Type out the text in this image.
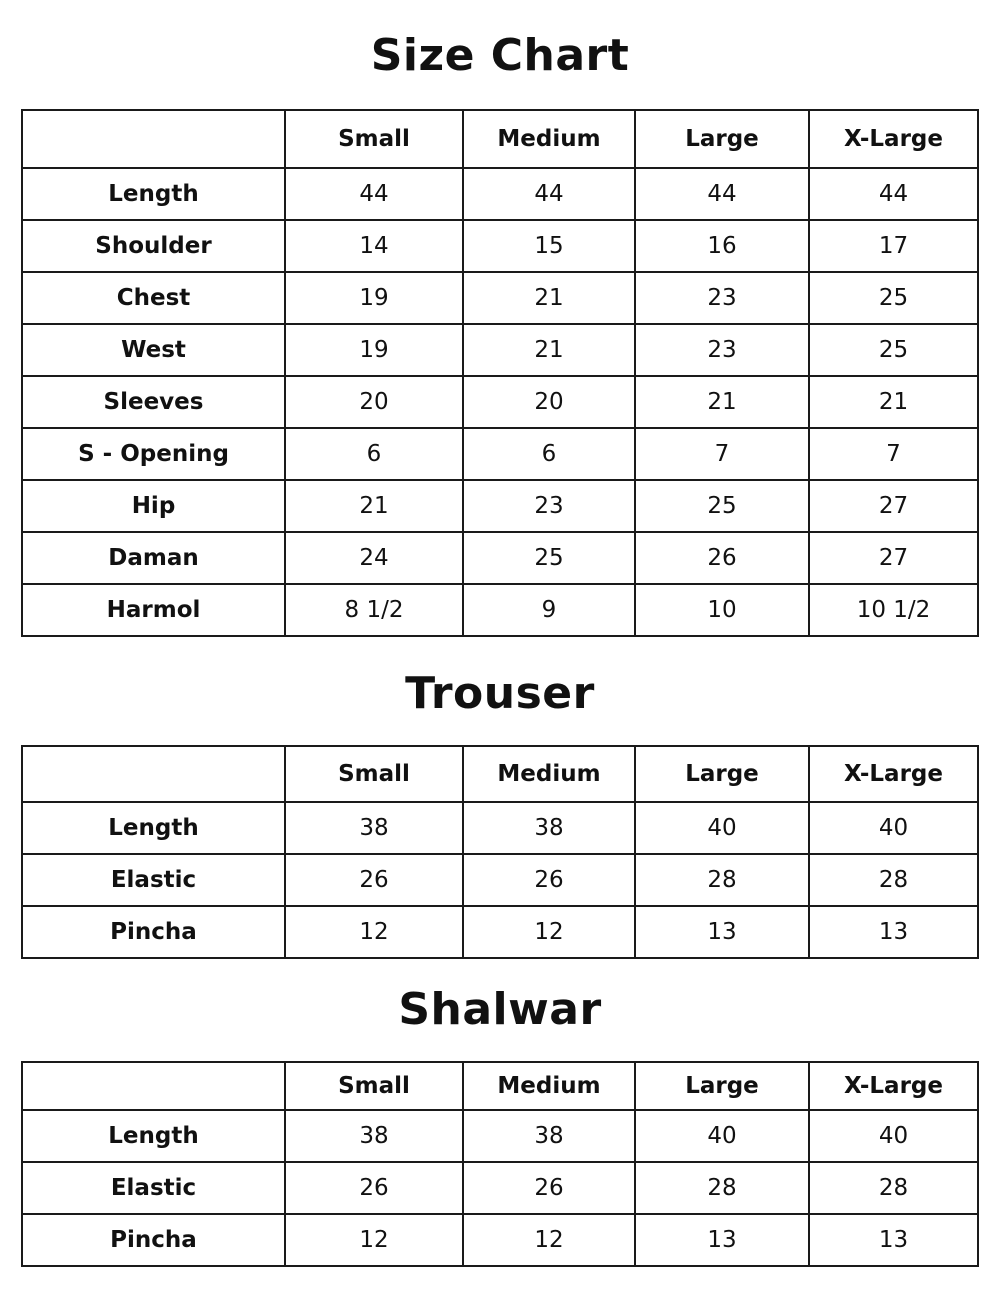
Size Chart
	Small	Medium	Large	X-Large
Length	44	44	44	44
Shoulder	14	15	16	17
Chest	19	21	23	25
West	19	21	23	25
Sleeves	20	20	21	21
S - Opening	6	6	7	7
Hip	21	23	25	27
Daman	24	25	26	27
Harmol	8 1/2	9	10	10 1/2
Trouser
	Small	Medium	Large	X-Large
Length	38	38	40	40
Elastic	26	26	28	28
Pincha	12	12	13	13
Shalwar
	Small	Medium	Large	X-Large
Length	38	38	40	40
Elastic	26	26	28	28
Pincha	12	12	13	13
